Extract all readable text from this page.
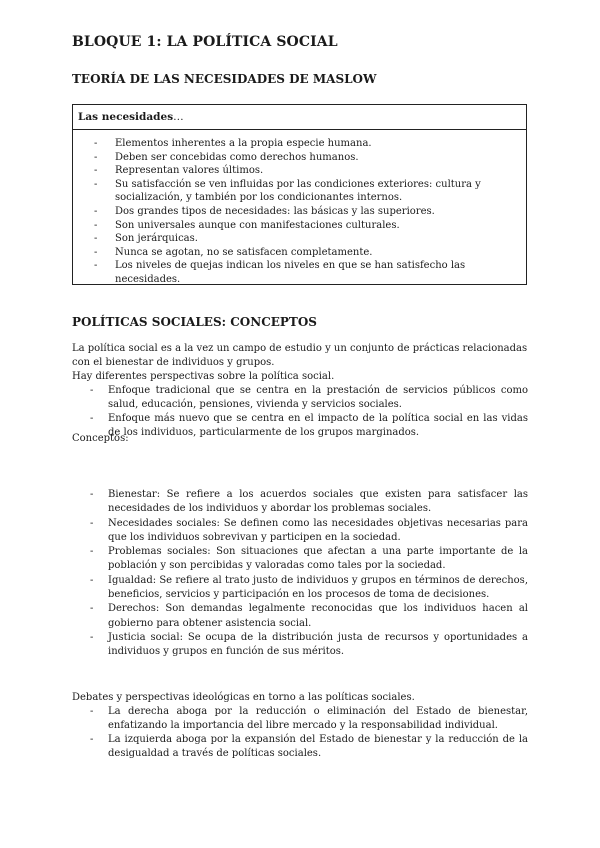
BLOQUE 1: LA POLÍTICA SOCIAL
TEORÍA DE LAS NECESIDADES DE MASLOW
Las necesidades…
- Elementos inherentes a la propia especie humana.
- Deben ser concebidas como derechos humanos.
- Representan valores últimos.
- Su satisfacción se ven influidas por las condiciones exteriores: cultura y socialización, y también por los condicionantes internos.
- Dos grandes tipos de necesidades: las básicas y las superiores.
- Son universales aunque con manifestaciones culturales.
- Son jerárquicas.
- Nunca se agotan, no se satisfacen completamente.
- Los niveles de quejas indican los niveles en que se han satisfecho las necesidades.
POLÍTICAS SOCIALES: CONCEPTOS
La política social es a la vez un campo de estudio y un conjunto de prácticas relacionadas con el bienestar de individuos y grupos.
Hay diferentes perspectivas sobre la política social.
- Enfoque tradicional que se centra en la prestación de servicios públicos como salud, educación, pensiones, vivienda y servicios sociales.
- Enfoque más nuevo que se centra en el impacto de la política social en las vidas de los individuos, particularmente de los grupos marginados.
Conceptos:
- Bienestar: Se refiere a los acuerdos sociales que existen para satisfacer las necesidades de los individuos y abordar los problemas sociales.
- Necesidades sociales: Se definen como las necesidades objetivas necesarias para que los individuos sobrevivan y participen en la sociedad.
- Problemas sociales: Son situaciones que afectan a una parte importante de la población y son percibidas y valoradas como tales por la sociedad.
- Igualdad: Se refiere al trato justo de individuos y grupos en términos de derechos, beneficios, servicios y participación en los procesos de toma de decisiones.
- Derechos: Son demandas legalmente reconocidas que los individuos hacen al gobierno para obtener asistencia social.
- Justicia social: Se ocupa de la distribución justa de recursos y oportunidades a individuos y grupos en función de sus méritos.
Debates y perspectivas ideológicas en torno a las políticas sociales.
- La derecha aboga por la reducción o eliminación del Estado de bienestar, enfatizando la importancia del libre mercado y la responsabilidad individual.
- La izquierda aboga por la expansión del Estado de bienestar y la reducción de la desigualdad a través de políticas sociales.
